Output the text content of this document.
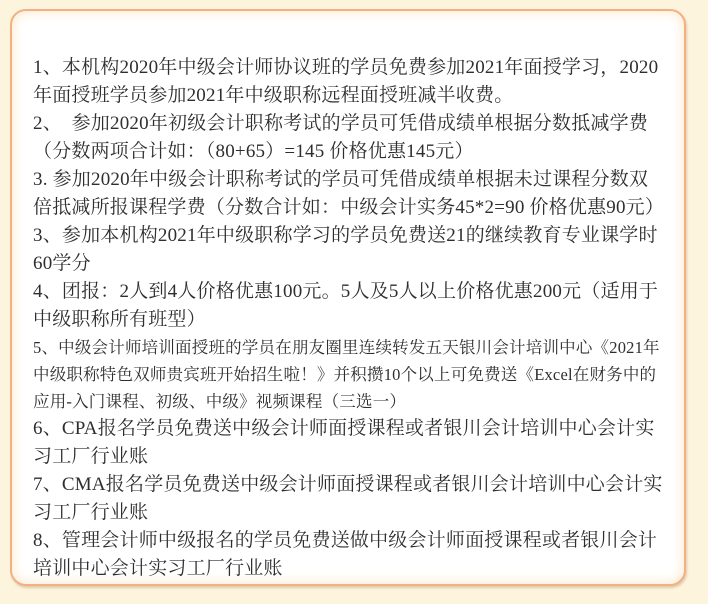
1、本机构2020年中级会计师协议班的学员免费参加2021年面授学习，2020年面授班学员参加2021年中级职称远程面授班减半收费。

2、　参加2020年初级会计职称考试的学员可凭借成绩单根据分数抵减学费（分数两项合计如：（80+65）=145 价格优惠145元）

3. 参加2020年中级会计职称考试的学员可凭借成绩单根据未过课程分数双倍抵减所报课程学费（分数合计如：中级会计实务45*2=90 价格优惠90元）

3、参加本机构2021年中级职称学习的学员免费送21的继续教育专业课学时60学分

4、团报：2人到4人价格优惠100元。5人及5人以上价格优惠200元（适用于中级职称所有班型）

5、中级会计师培训面授班的学员在朋友圈里连续转发五天银川会计培训中心《2021年中级职称特色双师贵宾班开始招生啦！》并积攒10个以上可免费送《Excel在财务中的应用-入门课程、初级、中级》视频课程（三选一）

6、CPA报名学员免费送中级会计师面授课程或者银川会计培训中心会计实习工厂行业账

7、CMA报名学员免费送中级会计师面授课程或者银川会计培训中心会计实习工厂行业账

8、管理会计师中级报名的学员免费送做中级会计师面授课程或者银川会计培训中心会计实习工厂行业账
